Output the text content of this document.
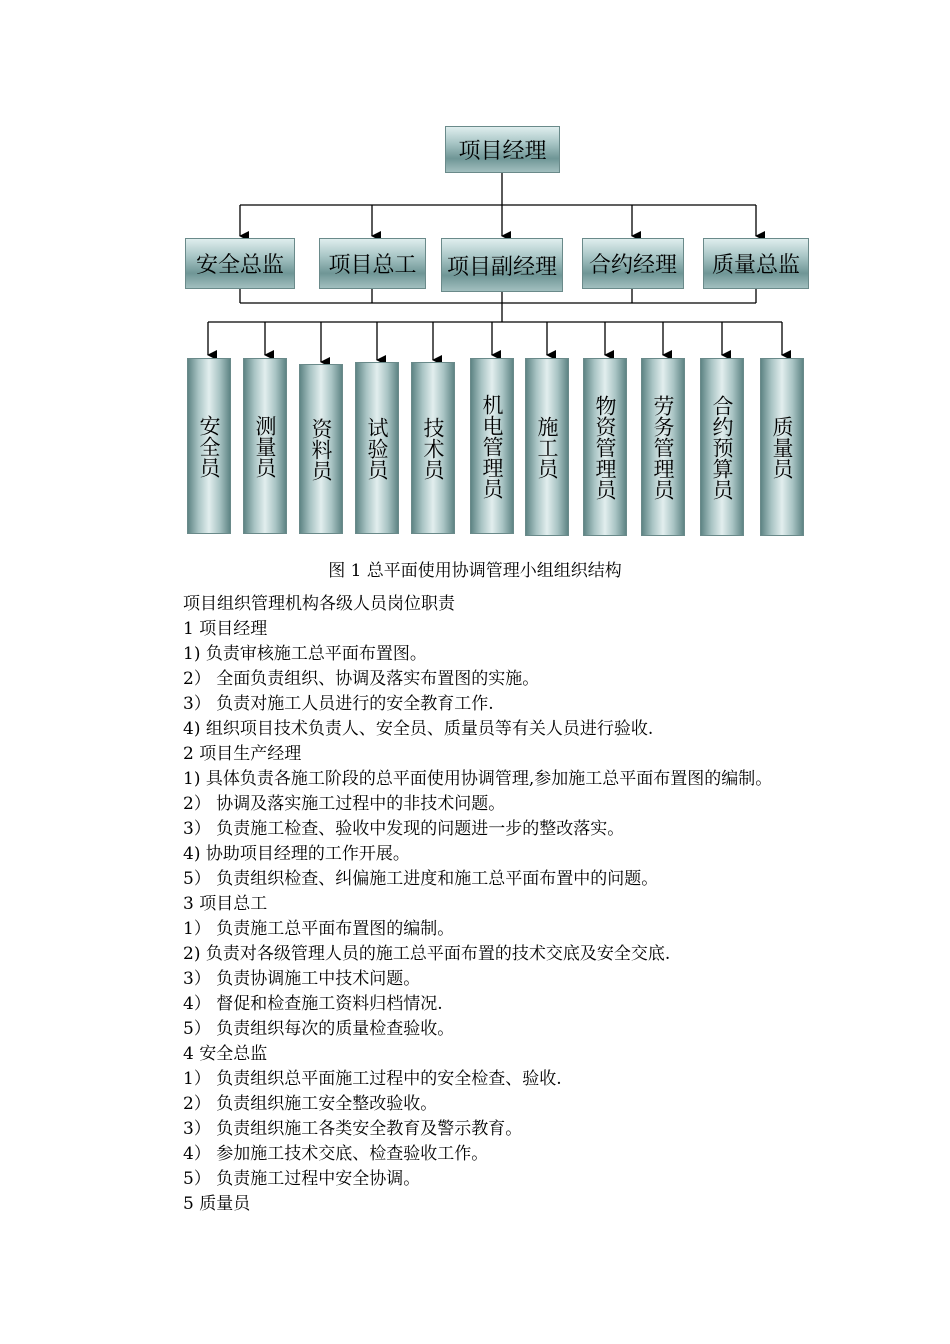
项目经理
安全总监	项目总工	项目副经理	合约经理	质量总监
安全员	测量员	资料员	试验员	技术员	机电管理员	施工员	物资管理员	劳务管理员	合约预算员	质量员
图 1 总平面使用协调管理小组组织结构
项目组织管理机构各级人员岗位职责
1 项目经理
1) 负责审核施工总平面布置图。
2） 全面负责组织、协调及落实布置图的实施。
3） 负责对施工人员进行的安全教育工作.
4) 组织项目技术负责人、安全员、质量员等有关人员进行验收.
2 项目生产经理
1) 具体负责各施工阶段的总平面使用协调管理,参加施工总平面布置图的编制。
2） 协调及落实施工过程中的非技术问题。
3） 负责施工检查、验收中发现的问题进一步的整改落实。
4) 协助项目经理的工作开展。
5） 负责组织检查、纠偏施工进度和施工总平面布置中的问题。
3 项目总工
1） 负责施工总平面布置图的编制。
2) 负责对各级管理人员的施工总平面布置的技术交底及安全交底.
3） 负责协调施工中技术问题。
4） 督促和检查施工资料归档情况.
5） 负责组织每次的质量检查验收。
4 安全总监
1） 负责组织总平面施工过程中的安全检查、验收.
2） 负责组织施工安全整改验收。
3） 负责组织施工各类安全教育及警示教育。
4） 参加施工技术交底、检查验收工作。
5） 负责施工过程中安全协调。
5 质量员
